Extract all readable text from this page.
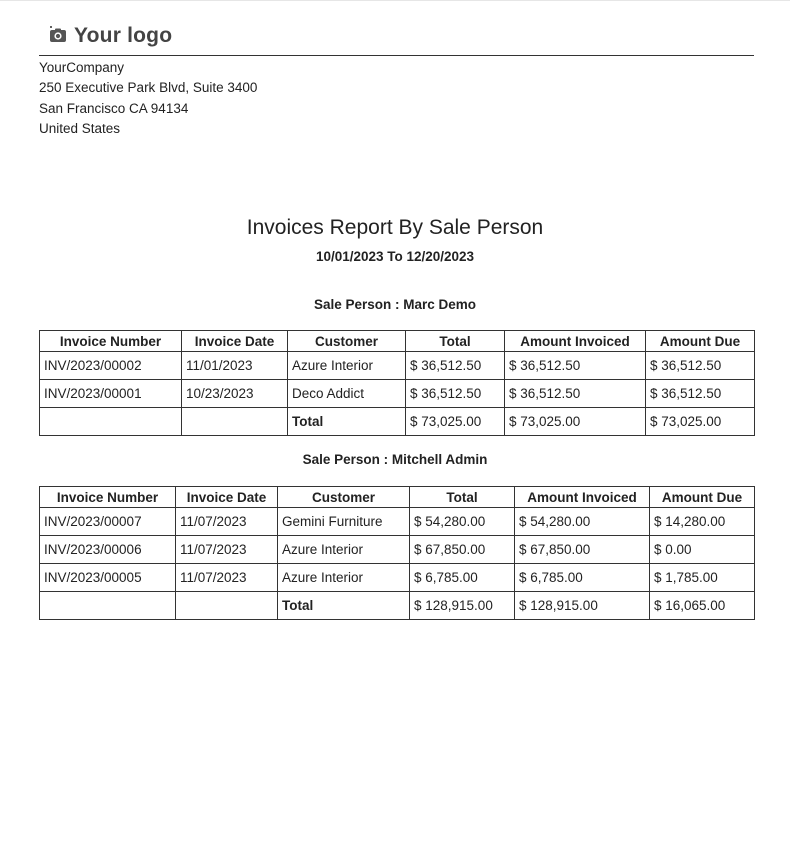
Your logo
YourCompany
250 Executive Park Blvd, Suite 3400
San Francisco CA 94134
United States
Invoices Report By Sale Person
10/01/2023 To 12/20/2023
Sale Person : Marc Demo
Invoice Number	Invoice Date	Customer	Total	Amount Invoiced	Amount Due
INV/2023/00002	11/01/2023	Azure Interior	$ 36,512.50	$ 36,512.50	$ 36,512.50
INV/2023/00001	10/23/2023	Deco Addict	$ 36,512.50	$ 36,512.50	$ 36,512.50
		Total	$ 73,025.00	$ 73,025.00	$ 73,025.00
Sale Person : Mitchell Admin
Invoice Number	Invoice Date	Customer	Total	Amount Invoiced	Amount Due
INV/2023/00007	11/07/2023	Gemini Furniture	$ 54,280.00	$ 54,280.00	$ 14,280.00
INV/2023/00006	11/07/2023	Azure Interior	$ 67,850.00	$ 67,850.00	$ 0.00
INV/2023/00005	11/07/2023	Azure Interior	$ 6,785.00	$ 6,785.00	$ 1,785.00
		Total	$ 128,915.00	$ 128,915.00	$ 16,065.00
